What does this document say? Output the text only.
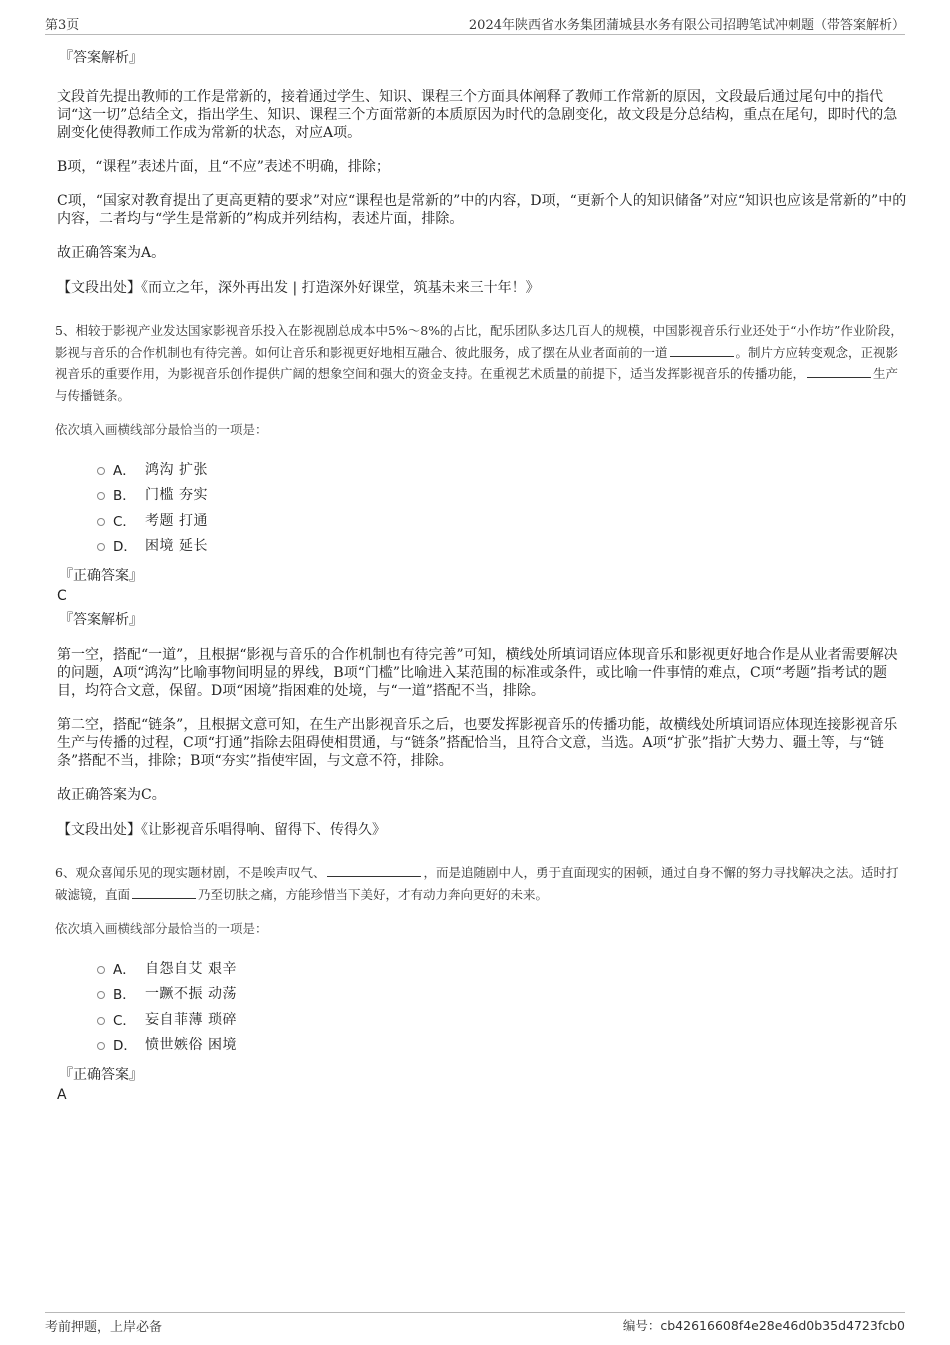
第3页	2024年陕西省水务集团蒲城县水务有限公司招聘笔试冲刺题（带答案解析）
『答案解析』

文段首先提出教师的工作是常新的，接着通过学生、知识、课程三个方面具体阐释了教师工作常新的原因，文段最后通过尾句中的指代词“这一切”总结全文，指出学生、知识、课程三个方面常新的本质原因为时代的急剧变化，故文段是分总结构，重点在尾句，即时代的急剧变化使得教师工作成为常新的状态，对应A项。

B项，“课程”表述片面，且“不应”表述不明确，排除；

C项，“国家对教育提出了更高更精的要求”对应“课程也是常新的”中的内容，D项，“更新个人的知识储备”对应“知识也应该是常新的”中的内容，二者均与“学生是常新的”构成并列结构，表述片面，排除。

故正确答案为A。

【文段出处】《而立之年，深外再出发 | 打造深外好课堂，筑基未来三十年！》

5、相较于影视产业发达国家影视音乐投入在影视剧总成本中5%～8%的占比，配乐团队多达几百人的规模，中国影视音乐行业还处于“小作坊”作业阶段，影视与音乐的合作机制也有待完善。如何让音乐和影视更好地相互融合、彼此服务，成了摆在从业者面前的一道	。制片方应转变观念，正视影视音乐的重要作用，为影视音乐创作提供广阔的想象空间和强大的资金支持。在重视艺术质量的前提下，适当发挥影视音乐的传播功能，	生产与传播链条。

依次填入画横线部分最恰当的一项是：
A． 鸿沟 扩张
B． 门槛 夯实
C． 考题 打通
D． 困境 延长
『正确答案』
C
『答案解析』

第一空，搭配“一道”，且根据“影视与音乐的合作机制也有待完善”可知，横线处所填词语应体现音乐和影视更好地合作是从业者需要解决的问题，A项“鸿沟”比喻事物间明显的界线，B项“门槛”比喻进入某范围的标准或条件，或比喻一件事情的难点，C项“考题”指考试的题目，均符合文意，保留。D项“困境”指困难的处境，与“一道”搭配不当，排除。

第二空，搭配“链条”，且根据文意可知，在生产出影视音乐之后，也要发挥影视音乐的传播功能，故横线处所填词语应体现连接影视音乐生产与传播的过程，C项“打通”指除去阻碍使相贯通，与“链条”搭配恰当，且符合文意，当选。A项“扩张”指扩大势力、疆土等，与“链条”搭配不当，排除；B项“夯实”指使牢固，与文意不符，排除。

故正确答案为C。

【文段出处】《让影视音乐唱得响、留得下、传得久》

6、观众喜闻乐见的现实题材剧，不是唉声叹气、	，而是追随剧中人，勇于直面现实的困顿，通过自身不懈的努力寻找解决之法。适时打破滤镜，直面	乃至切肤之痛，方能珍惜当下美好，才有动力奔向更好的未来。

依次填入画横线部分最恰当的一项是：
A． 自怨自艾 艰辛
B． 一蹶不振 动荡
C． 妄自菲薄 琐碎
D． 愤世嫉俗 困境
『正确答案』
A
考前押题，上岸必备	编号：cb42616608f4e28e46d0b35d4723fcb0
